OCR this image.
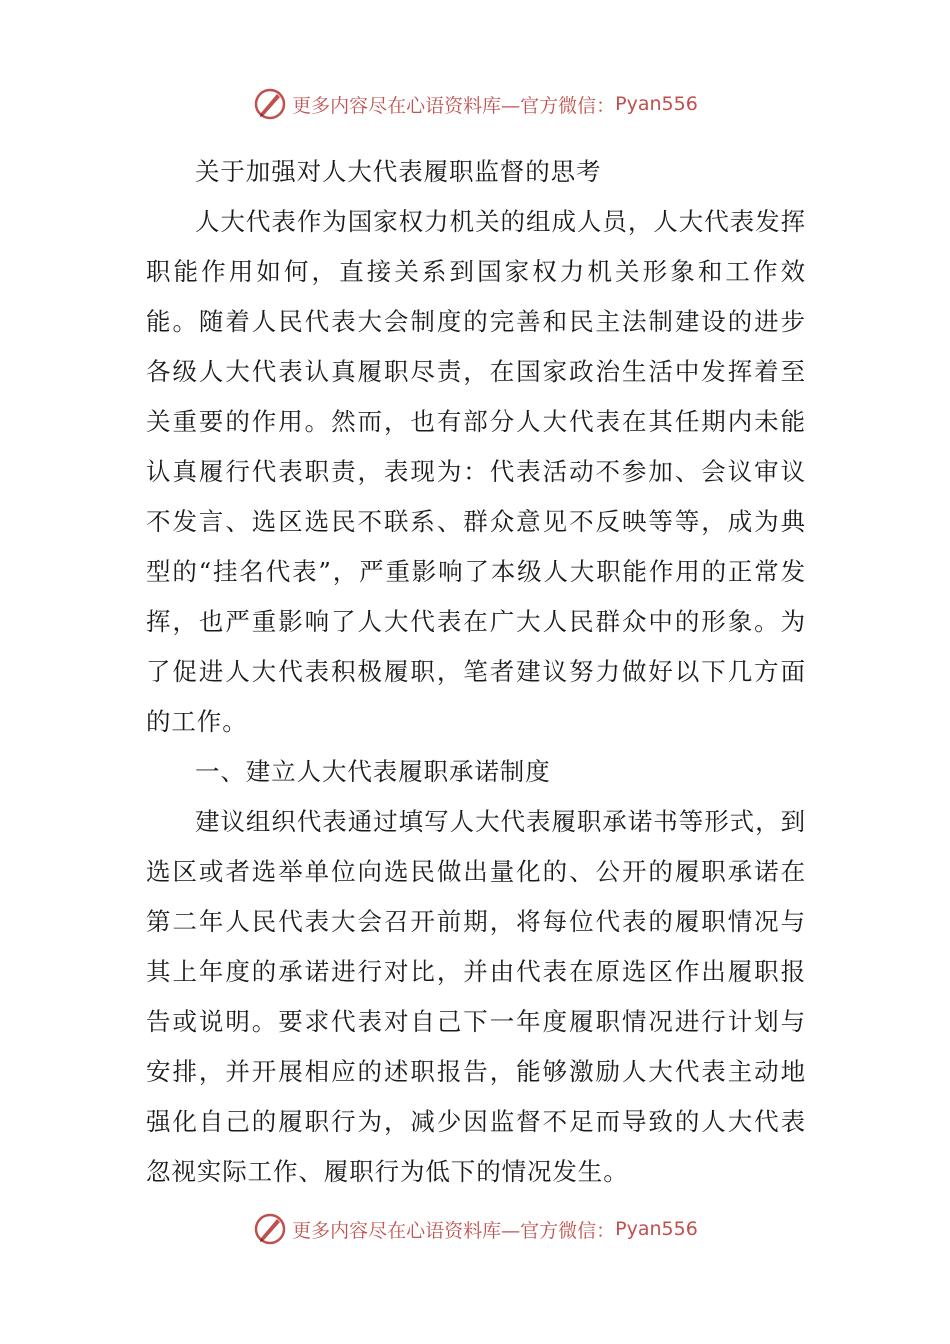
更多内容尽在心语资料库—官方微信： Pyan556

关于加强对人大代表履职监督的思考

人大代表作为国家权力机关的组成人员，人大代表发挥职能作用如何，直接关系到国家权力机关形象和工作效能。随着人民代表大会制度的完善和民主法制建设的进步各级人大代表认真履职尽责，在国家政治生活中发挥着至关重要的作用。然而，也有部分人大代表在其任期内未能认真履行代表职责，表现为：代表活动不参加、会议审议不发言、选区选民不联系、群众意见不反映等等，成为典型的“挂名代表”，严重影响了本级人大职能作用的正常发挥，也严重影响了人大代表在广大人民群众中的形象。为了促进人大代表积极履职，笔者建议努力做好以下几方面的工作。

一、建立人大代表履职承诺制度

建议组织代表通过填写人大代表履职承诺书等形式，到选区或者选举单位向选民做出量化的、公开的履职承诺在第二年人民代表大会召开前期，将每位代表的履职情况与其上年度的承诺进行对比，并由代表在原选区作出履职报告或说明。要求代表对自己下一年度履职情况进行计划与安排，并开展相应的述职报告，能够激励人大代表主动地强化自己的履职行为，减少因监督不足而导致的人大代表忽视实际工作、履职行为低下的情况发生。

更多内容尽在心语资料库—官方微信： Pyan556
